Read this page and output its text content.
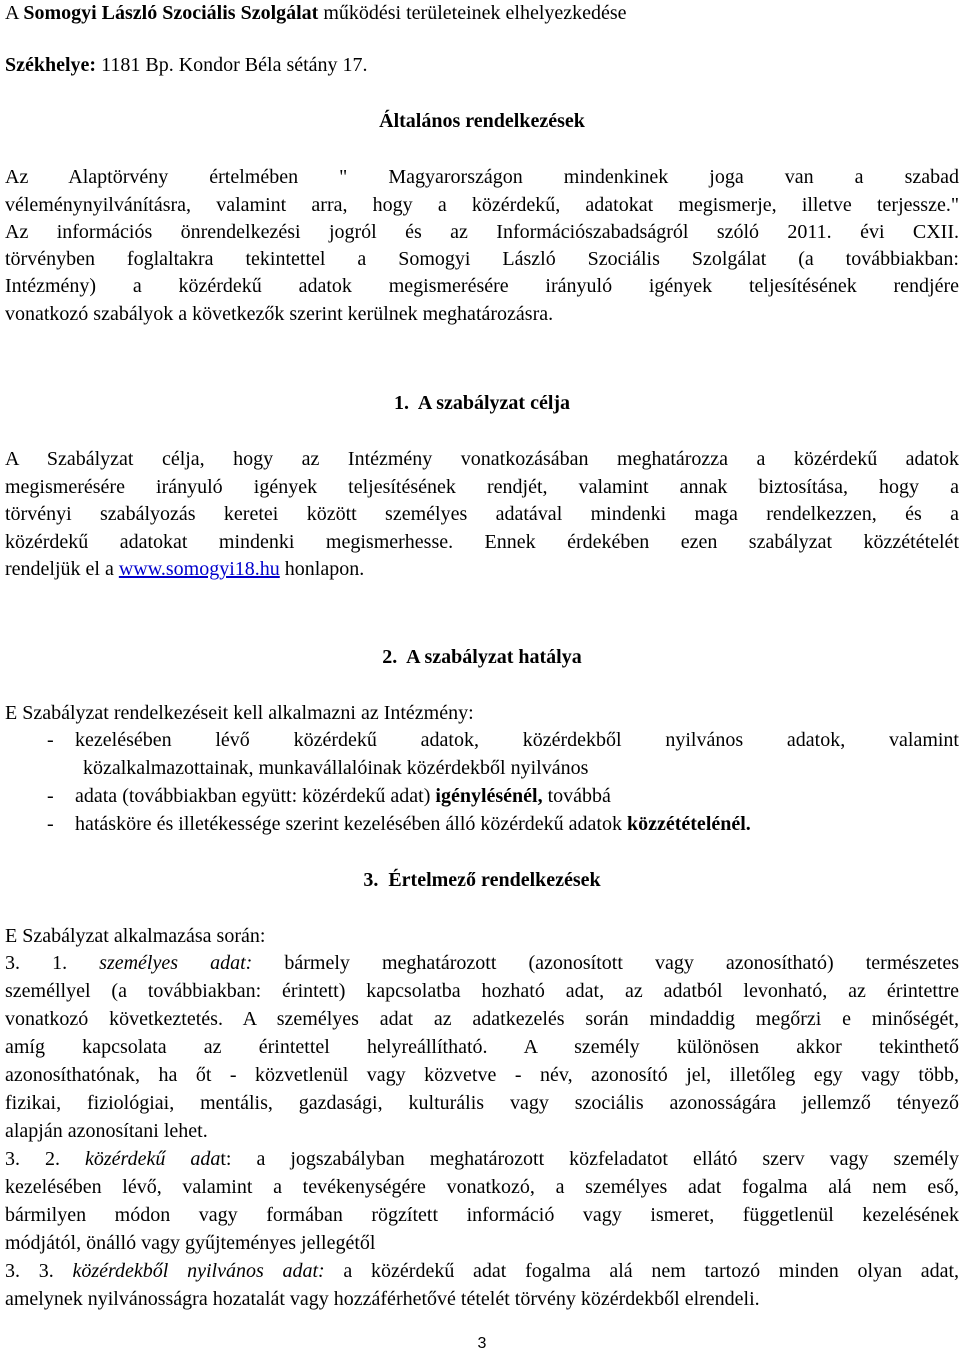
A Somogyi László Szociális Szolgálat működési területeinek elhelyezkedése
Székhelye: 1181 Bp. Kondor Béla sétány 17.
Általános rendelkezések
Az Alaptörvény értelmében " Magyarországon mindenkinek joga van a szabad
véleménynyilvánításra, valamint arra, hogy a közérdekű, adatokat megismerje, illetve terjessze."
Az információs önrendelkezési jogról és az Információszabadságról szóló 2011. évi CXII.
törvényben foglaltakra tekintettel a Somogyi László Szociális Szolgálat (a továbbiakban:
Intézmény) a közérdekű adatok megismerésére irányuló igények teljesítésének rendjére
vonatkozó szabályok a következők szerint kerülnek meghatározásra.
1.  A szabályzat célja
A Szabályzat célja, hogy az Intézmény vonatkozásában meghatározza a közérdekű adatok
megismerésére irányuló igények teljesítésének rendjét, valamint annak biztosítása, hogy a
törvényi szabályozás keretei között személyes adatával mindenki maga rendelkezzen, és a
közérdekű adatokat mindenki megismerhesse. Ennek érdekében ezen szabályzat közzétételét
rendeljük el a www.somogyi18.hu honlapon.
2.  A szabályzat hatálya
E Szabályzat rendelkezéseit kell alkalmazni az Intézmény:
-	kezelésében lévő közérdekű adatok, közérdekből nyilvános adatok, valamint
közalkalmazottainak, munkavállalóinak közérdekből nyilvános
-	adata (továbbiakban együtt: közérdekű adat) igénylésénél, továbbá
-	hatásköre és illetékessége szerint kezelésében álló közérdekű adatok közzétételénél.
3.  Értelmező rendelkezések
E Szabályzat alkalmazása során:
3. 1. személyes adat: bármely meghatározott (azonosított vagy azonosítható) természetes
személlyel (a továbbiakban: érintett) kapcsolatba hozható adat, az adatból levonható, az érintettre
vonatkozó következtetés. A személyes adat az adatkezelés során mindaddig megőrzi e minőségét,
amíg kapcsolata az érintettel helyreállítható. A személy különösen akkor tekinthető
azonosíthatónak, ha őt - közvetlenül vagy közvetve - név, azonosító jel, illetőleg egy vagy több,
fizikai, fiziológiai, mentális, gazdasági, kulturális vagy szociális azonosságára jellemző tényező
alapján azonosítani lehet.
3. 2. közérdekű adat: a jogszabályban meghatározott közfeladatot ellátó szerv vagy személy
kezelésében lévő, valamint a tevékenységére vonatkozó, a személyes adat fogalma alá nem eső,
bármilyen módon vagy formában rögzített információ vagy ismeret, függetlenül kezelésének
módjától, önálló vagy gyűjteményes jellegétől
3. 3. közérdekből nyilvános adat: a közérdekű adat fogalma alá nem tartozó minden olyan adat,
amelynek nyilvánosságra hozatalát vagy hozzáférhetővé tételét törvény közérdekből elrendeli.
3
